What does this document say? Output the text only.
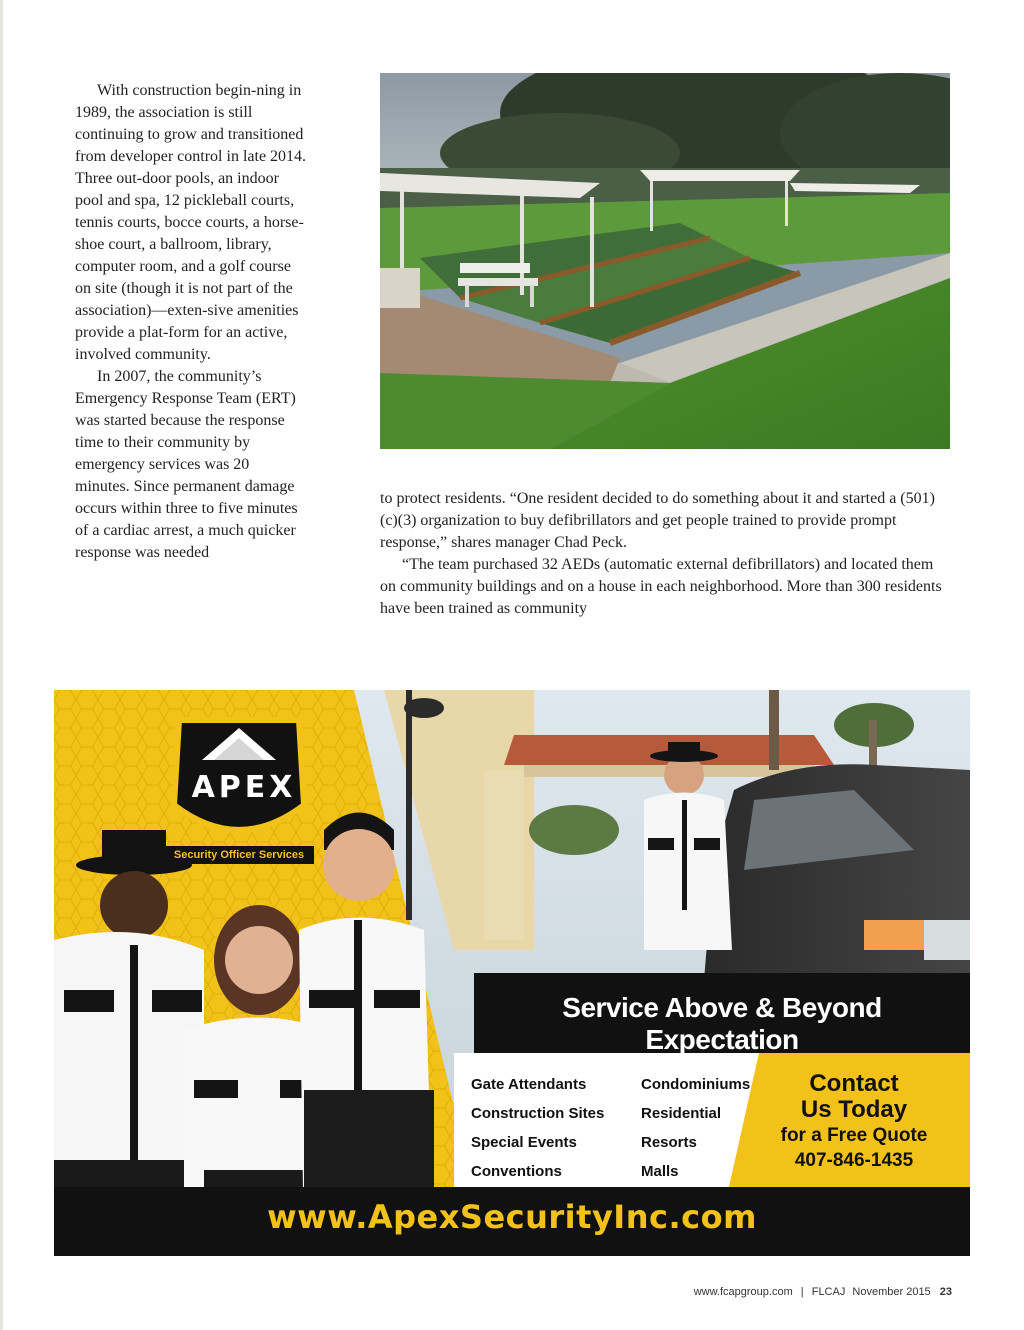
With construction begin-ning in 1989, the association is still continuing to grow and transitioned from developer control in late 2014. Three out-door pools, an indoor pool and spa, 12 pickleball courts, tennis courts, bocce courts, a horse-shoe court, a ballroom, library, computer room, and a golf course on site (though it is not part of the association)—exten-sive amenities provide a plat-form for an active, involved community.

In 2007, the community’s Emergency Response Team (ERT) was started because the response time to their community by emergency services was 20 minutes. Since permanent damage occurs within three to five minutes of a cardiac arrest, a much quicker response was needed

to protect residents. “One resident decided to do something about it and started a (501)(c)(3) organization to buy defibrillators and get people trained to provide prompt response,” shares manager Chad Peck.

“The team purchased 32 AEDs (automatic external defibrillators) and located them on community buildings and on a house in each neighborhood. More than 300 residents have been trained as community

APEX
Security Officer Services
Service Above & Beyond Expectation
Gate Attendants
Construction Sites
Special Events
Conventions
Condominiums
Residential
Resorts
Malls
Contact
Us Today
for a Free Quote
407-846-1435
www.ApexSecurityInc.com
www.fcapgroup.com | FLCAJ November 2015 23
